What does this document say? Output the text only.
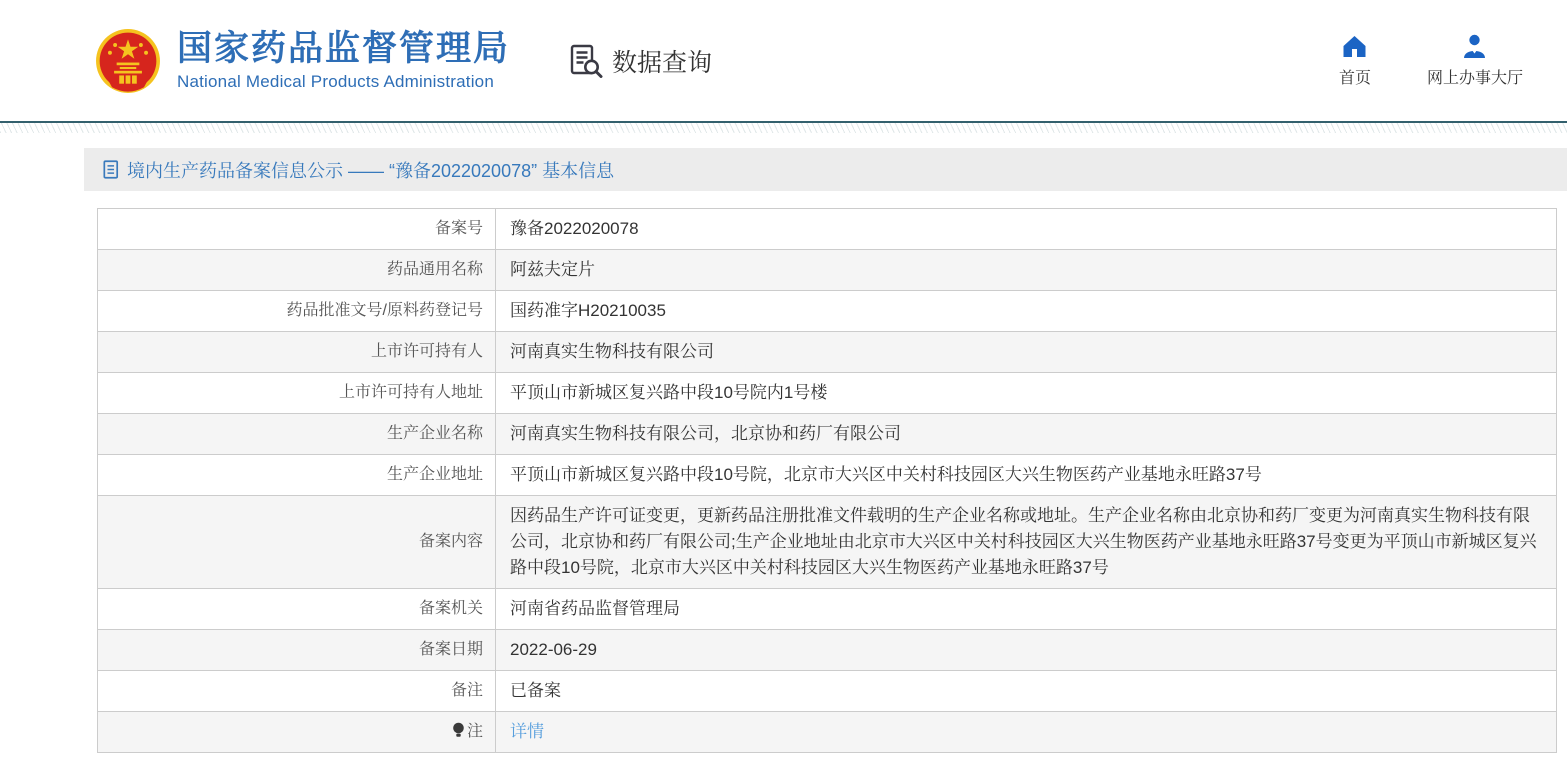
国家药品监督管理局
National Medical Products Administration
数据查询
首页	网上办事大厅
境内生产药品备案信息公示 —— “豫备2022020078” 基本信息
备案号	豫备2022020078
药品通用名称	阿兹夫定片
药品批准文号/原料药登记号	国药准字H20210035
上市许可持有人	河南真实生物科技有限公司
上市许可持有人地址	平顶山市新城区复兴路中段10号院内1号楼
生产企业名称	河南真实生物科技有限公司，北京协和药厂有限公司
生产企业地址	平顶山市新城区复兴路中段10号院，北京市大兴区中关村科技园区大兴生物医药产业基地永旺路37号
备案内容	因药品生产许可证变更，更新药品注册批准文件载明的生产企业名称或地址。生产企业名称由北京协和药厂变更为河南真实生物科技有限公司，北京协和药厂有限公司;生产企业地址由北京市大兴区中关村科技园区大兴生物医药产业基地永旺路37号变更为平顶山市新城区复兴路中段10号院，北京市大兴区中关村科技园区大兴生物医药产业基地永旺路37号
备案机关	河南省药品监督管理局
备案日期	2022-06-29
备注	已备案
注	详情
